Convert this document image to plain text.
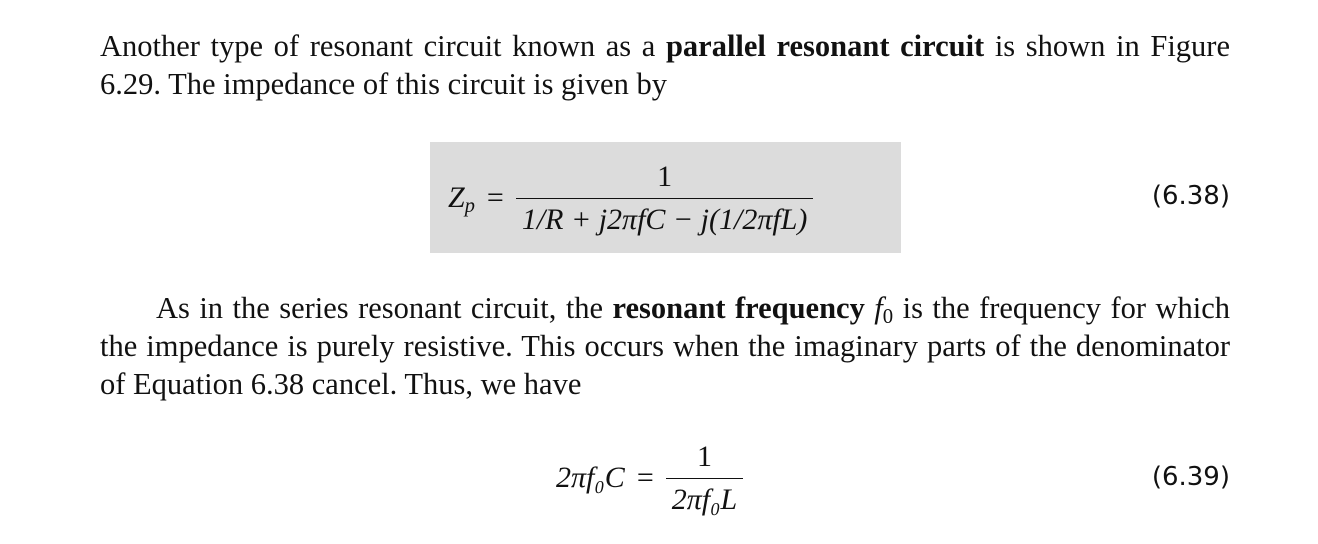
Another type of resonant circuit known as a parallel resonant circuit is shown in Figure 6.29. The impedance of this circuit is given by

$Z_p = \frac{1}{\text{1/R + j2πfC − j(1/2πfL)}}$	(6.38)

As in the series resonant circuit, the resonant frequency $f_0$ is the frequency for which the impedance is purely resistive. This occurs when the imaginary parts of the denominator of Equation 6.38 cancel. Thus, we have

$2\pi f_0C = \frac{1}{\text{2πf₀L}}$	(6.39)
